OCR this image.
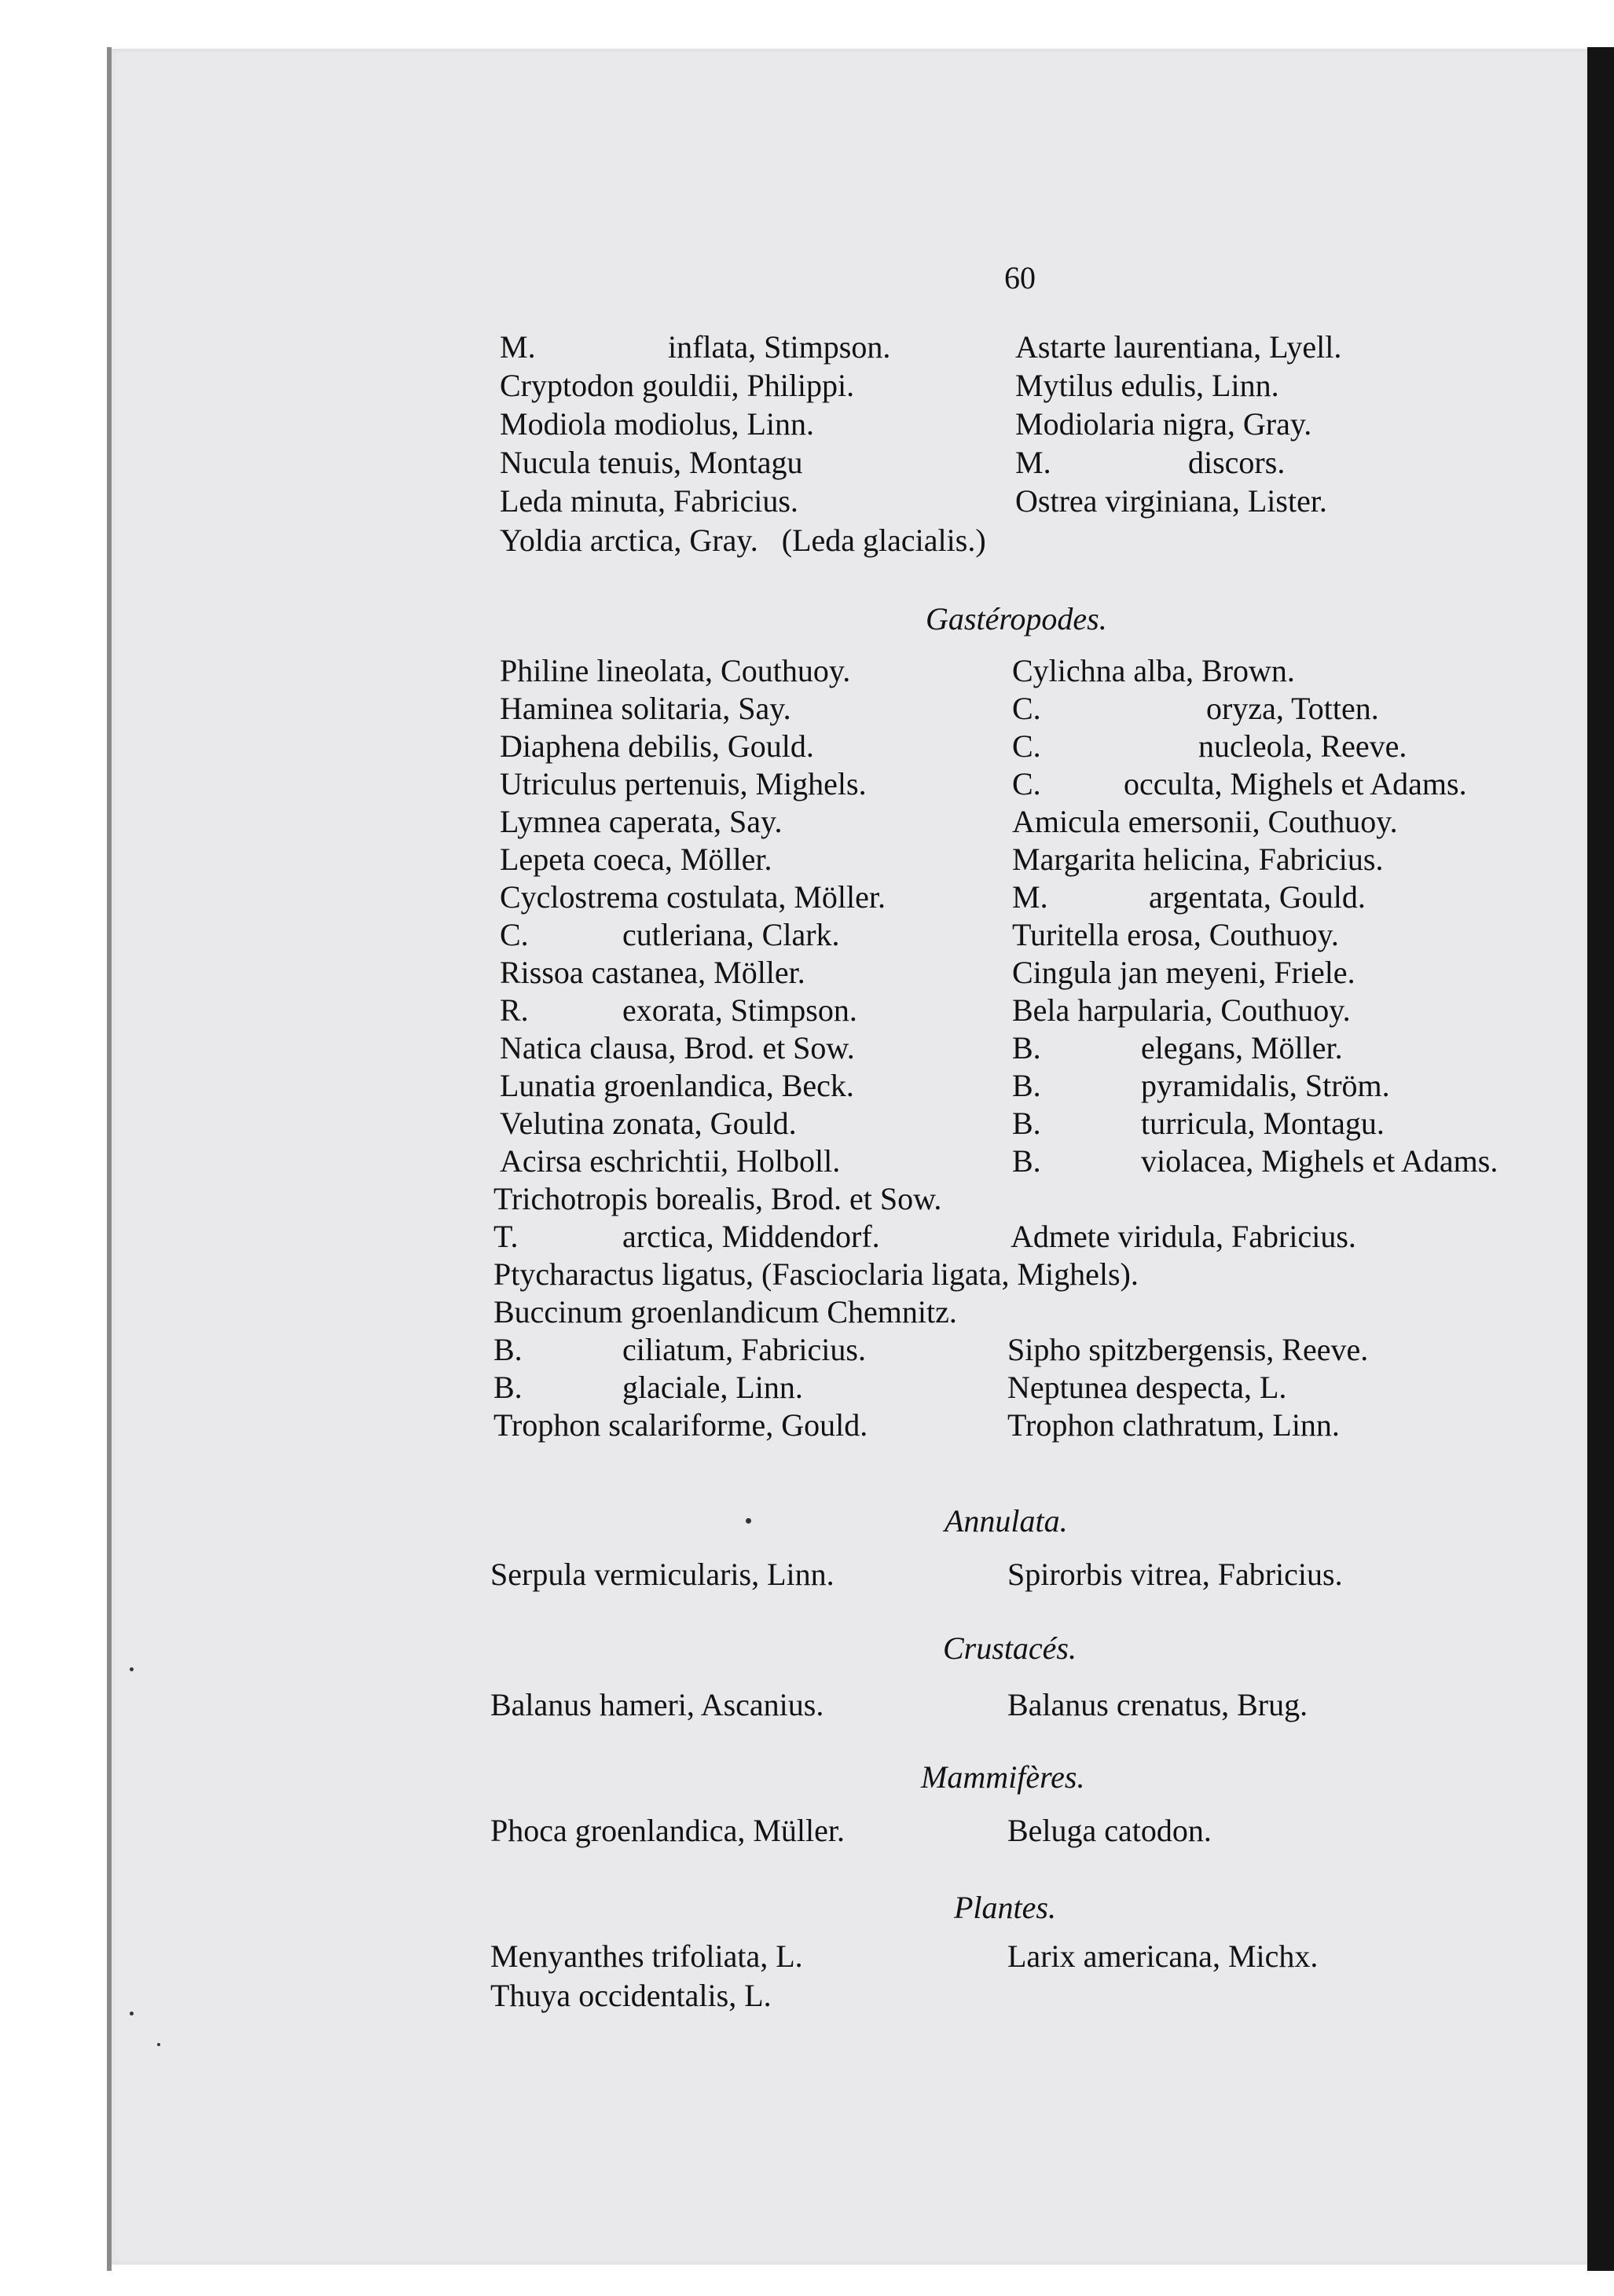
60
M.	inflata, Stimpson.	Astarte laurentiana, Lyell.
Cryptodon gouldii, Philippi.	Mytilus edulis, Linn.
Modiola modiolus, Linn.	Modiolaria nigra, Gray.
Nucula tenuis, Montagu	M.	discors.
Leda minuta, Fabricius.	Ostrea virginiana, Lister.
Yoldia arctica, Gray.   (Leda glacialis.)
Gastéropodes.
Philine lineolata, Couthuoy.	Cylichna alba, Brown.
Haminea solitaria, Say.	C.	oryza, Totten.
Diaphena debilis, Gould.	C.	nucleola, Reeve.
Utriculus pertenuis, Mighels.	C.	occulta, Mighels et Adams.
Lymnea caperata, Say.	Amicula emersonii, Couthuoy.
Lepeta coeca, Möller.	Margarita helicina, Fabricius.
Cyclostrema costulata, Möller.	M.	argentata, Gould.
C.	cutleriana, Clark.	Turitella erosa, Couthuoy.
Rissoa castanea, Möller.	Cingula jan meyeni, Friele.
R.	exorata, Stimpson.	Bela harpularia, Couthuoy.
Natica clausa, Brod. et Sow.	B.	elegans, Möller.
Lunatia groenlandica, Beck.	B.	pyramidalis, Ström.
Velutina zonata, Gould.	B.	turricula, Montagu.
Acirsa eschrichtii, Holboll.	B.	violacea, Mighels et Adams.
Trichotropis borealis, Brod. et Sow.
T.	arctica, Middendorf.	Admete viridula, Fabricius.
Ptycharactus ligatus, (Fascioclaria ligata, Mighels).
Buccinum groenlandicum Chemnitz.
B.	ciliatum, Fabricius.	Sipho spitzbergensis, Reeve.
B.	glaciale, Linn.	Neptunea despecta, L.
Trophon scalariforme, Gould.	Trophon clathratum, Linn.
Annulata.
Serpula vermicularis, Linn.	Spirorbis vitrea, Fabricius.
Crustacés.
Balanus hameri, Ascanius.	Balanus crenatus, Brug.
Mammifères.
Phoca groenlandica, Müller.	Beluga catodon.
Plantes.
Menyanthes trifoliata, L.	Larix americana, Michx.
Thuya occidentalis, L.
